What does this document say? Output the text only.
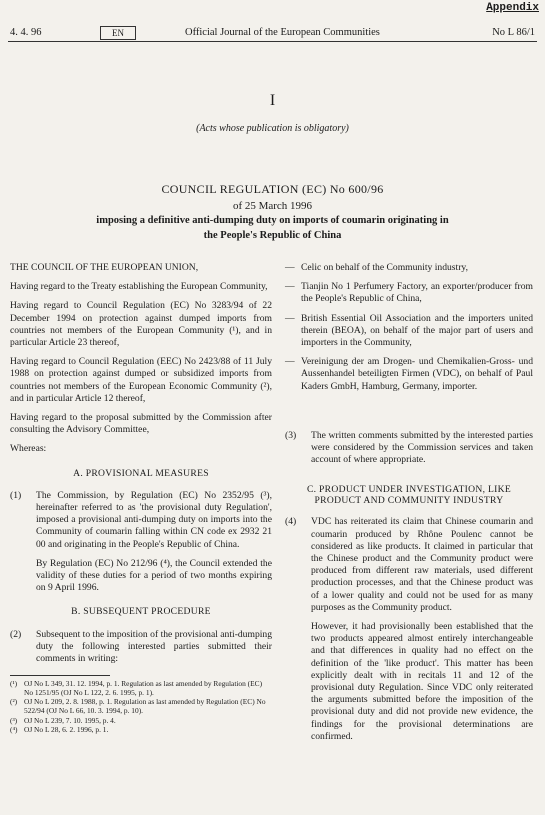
Appendix
4. 4. 96	EN	Official Journal of the European Communities	No L 86/1
I
(Acts whose publication is obligatory)
COUNCIL REGULATION (EC) No 600/96
of 25 March 1996
imposing a definitive anti-dumping duty on imports of coumarin originating in
the People's Republic of China

THE COUNCIL OF THE EUROPEAN UNION,

Having regard to the Treaty establishing the European Community,

Having regard to Council Regulation (EC) No 3283/94 of 22 December 1994 on protection against dumped imports from countries not members of the European Community (¹), and in particular Article 23 thereof,

Having regard to Council Regulation (EEC) No 2423/88 of 11 July 1988 on protection against dumped or subsidized imports from countries not members of the European Economic Community (²), and in particular Article 12 thereof,

Having regard to the proposal submitted by the Commission after consulting the Advisory Committee,

Whereas:

A. PROVISIONAL MEASURES
(1)	The Commission, by Regulation (EC) No 2352/95 (³), hereinafter referred to as 'the provisional duty Regulation', imposed a provisional anti-dumping duty on imports into the Community of coumarin falling within CN code ex 2932 21 00 and originating in the People's Republic of China.

By Regulation (EC) No 212/96 (⁴), the Council extended the validity of these duties for a period of two months expiring on 9 April 1996.

B. SUBSEQUENT PROCEDURE
(2)	Subsequent to the imposition of the provisional anti-dumping duty the following interested parties submitted their comments in writing:
(¹) OJ No L 349, 31. 12. 1994, p. 1. Regulation as last amended by Regulation (EC) No 1251/95 (OJ No L 122, 2. 6. 1995, p. 1).
(²) OJ No L 209, 2. 8. 1988, p. 1. Regulation as last amended by Regulation (EC) No 522/94 (OJ No L 66, 10. 3. 1994, p. 10).
(³) OJ No L 239, 7. 10. 1995, p. 4.
(⁴) OJ No L 28, 6. 2. 1996, p. 1.
— Celic on behalf of the Community industry,
— Tianjin No 1 Perfumery Factory, an exporter/producer from the People's Republic of China,
— British Essential Oil Association and the importers united therein (BEOA), on behalf of the major part of users and importers in the Community,
— Vereinigung der am Drogen- und Chemikalien-Gross- und Aussenhandel beteiligten Firmen (VDC), on behalf of Paul Kaders GmbH, Hamburg, Germany, importer.
(3)	The written comments submitted by the interested parties were considered by the Commission services and taken account of where appropriate.
C. PRODUCT UNDER INVESTIGATION, LIKE
PRODUCT AND COMMUNITY INDUSTRY
(4)	VDC has reiterated its claim that Chinese coumarin and coumarin produced by Rhône Poulenc cannot be considered as like products. It claimed in particular that the Chinese product and the Community product were produced from different raw materials, used different production processes, and that the Chinese product was of a lower quality and could not be used for as many purposes as the Community product.

However, it had provisionally been established that the two products appeared almost entirely interchangeable and that differences in quality had no effect on the definition of the 'like product'. This matter has been explicitly dealt with in recitals 11 and 12 of the provisional duty Regulation. Since VDC only reiterated the arguments submitted before the imposition of the provisional duty and did not provide new evidence, the findings for the provisional determinations are confirmed.
